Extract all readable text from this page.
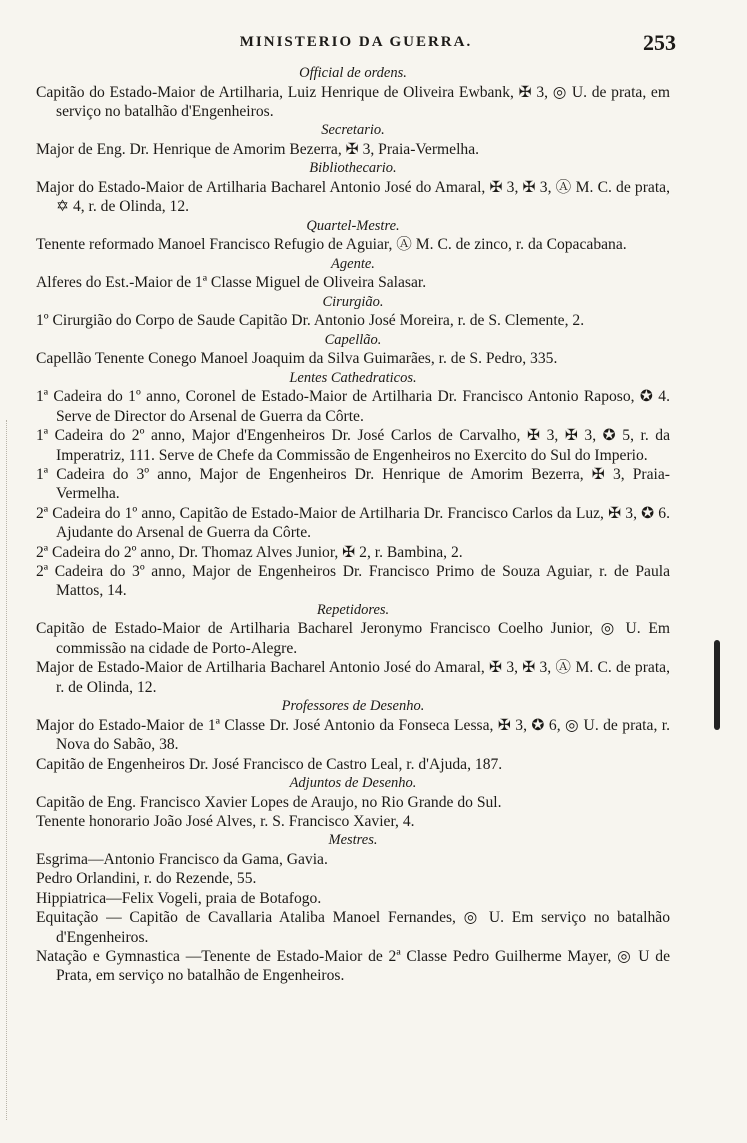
MINISTERIO DA GUERRA.	253
Official de ordens.
Capitão do Estado-Maior de Artilharia, Luiz Henrique de Oliveira Ewbank, ✠ 3, ◎ U. de prata, em serviço no batalhão d'Engenheiros.
Secretario.
Major de Eng. Dr. Henrique de Amorim Bezerra, ✠ 3, Praia-Vermelha.
Bibliothecario.
Major do Estado-Maior de Artilharia Bacharel Antonio José do Amaral, ✠ 3, ✠ 3, Ⓐ M. C. de prata, ✡ 4, r. de Olinda, 12.
Quartel-Mestre.
Tenente reformado Manoel Francisco Refugio de Aguiar, Ⓐ M. C. de zinco, r. da Copacabana.
Agente.
Alferes do Est.-Maior de 1ª Classe Miguel de Oliveira Salasar.
Cirurgião.
1º Cirurgião do Corpo de Saude Capitão Dr. Antonio José Moreira, r. de S. Clemente, 2.
Capellão.
Capellão Tenente Conego Manoel Joaquim da Silva Guimarães, r. de S. Pedro, 335.
Lentes Cathedraticos.
1ª Cadeira do 1º anno, Coronel de Estado-Maior de Artilharia Dr. Francisco Antonio Raposo, ✪ 4. Serve de Director do Arsenal de Guerra da Côrte.
1ª Cadeira do 2º anno, Major d'Engenheiros Dr. José Carlos de Carvalho, ✠ 3, ✠ 3, ✪ 5, r. da Imperatriz, 111. Serve de Chefe da Commissão de Engenheiros no Exercito do Sul do Imperio.
1ª Cadeira do 3º anno, Major de Engenheiros Dr. Henrique de Amorim Bezerra, ✠ 3, Praia-Vermelha.
2ª Cadeira do 1º anno, Capitão de Estado-Maior de Artilharia Dr. Francisco Carlos da Luz, ✠ 3, ✪ 6. Ajudante do Arsenal de Guerra da Côrte.
2ª Cadeira do 2º anno, Dr. Thomaz Alves Junior, ✠ 2, r. Bambina, 2.
2ª Cadeira do 3º anno, Major de Engenheiros Dr. Francisco Primo de Souza Aguiar, r. de Paula Mattos, 14.
Repetidores.
Capitão de Estado-Maior de Artilharia Bacharel Jeronymo Francisco Coelho Junior, ◎ U. Em commissão na cidade de Porto-Alegre.
Major de Estado-Maior de Artilharia Bacharel Antonio José do Amaral, ✠ 3, ✠ 3, Ⓐ M. C. de prata, r. de Olinda, 12.
Professores de Desenho.
Major do Estado-Maior de 1ª Classe Dr. José Antonio da Fonseca Lessa, ✠ 3, ✪ 6, ◎ U. de prata, r. Nova do Sabão, 38.
Capitão de Engenheiros Dr. José Francisco de Castro Leal, r. d'Ajuda, 187.
Adjuntos de Desenho.
Capitão de Eng. Francisco Xavier Lopes de Araujo, no Rio Grande do Sul.
Tenente honorario João José Alves, r. S. Francisco Xavier, 4.
Mestres.
Esgrima—Antonio Francisco da Gama, Gavia.
Pedro Orlandini, r. do Rezende, 55.
Hippiatrica—Felix Vogeli, praia de Botafogo.
Equitação — Capitão de Cavallaria Ataliba Manoel Fernandes, ◎ U. Em serviço no batalhão d'Engenheiros.
Natação e Gymnastica —Tenente de Estado-Maior de 2ª Classe Pedro Guilherme Mayer, ◎ U de Prata, em serviço no batalhão de Engenheiros.
